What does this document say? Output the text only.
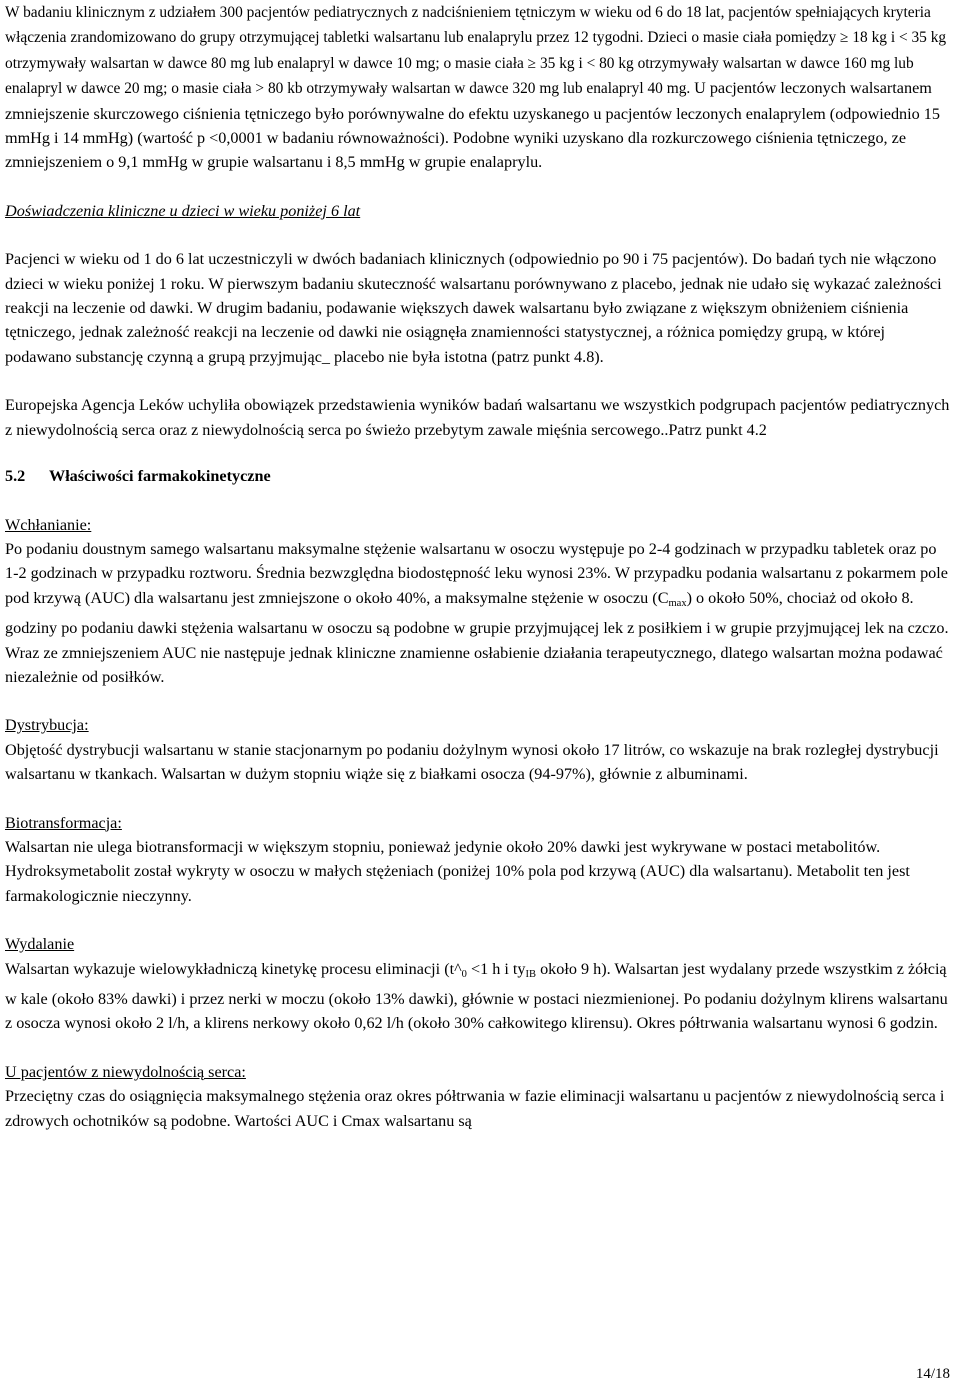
W badaniu klinicznym z udziałem 300 pacjentów pediatrycznych z nadciśnieniem tętniczym w wieku od 6 do 18 lat, pacjentów spełniających kryteria włączenia zrandomizowano do grupy otrzymującej tabletki walsartanu lub enalaprylu przez 12 tygodni. Dzieci o masie ciała pomiędzy ≥ 18 kg i < 35 kg otrzymywały walsartan w dawce 80 mg lub enalapryl w dawce 10 mg; o masie ciała ≥ 35 kg i < 80 kg otrzymywały walsartan w dawce 160 mg lub enalapryl w dawce 20 mg; o masie ciała > 80 kb otrzymywały walsartan w dawce 320 mg lub enalapryl 40 mg. U pacjentów leczonych walsartanem zmniejszenie skurczowego ciśnienia tętniczego było porównywalne do efektu uzyskanego u pacjentów leczonych enalaprylem (odpowiednio 15 mmHg i 14 mmHg) (wartość p <0,0001 w badaniu równoważności). Podobne wyniki uzyskano dla rozkurczowego ciśnienia tętniczego, ze zmniejszeniem o 9,1 mmHg w grupie walsartanu i 8,5 mmHg w grupie enalaprylu.

Doświadczenia kliniczne u dzieci w wieku poniżej 6 lat

Pacjenci w wieku od 1 do 6 lat uczestniczyli w dwóch badaniach klinicznych (odpowiednio po 90 i 75 pacjentów). Do badań tych nie włączono dzieci w wieku poniżej 1 roku. W pierwszym badaniu skuteczność walsartanu porównywano z placebo, jednak nie udało się wykazać zależności reakcji na leczenie od dawki. W drugim badaniu, podawanie większych dawek walsartanu było związane z większym obniżeniem ciśnienia tętniczego, jednak zależność reakcji na leczenie od dawki nie osiągnęła znamienności statystycznej, a różnica pomiędzy grupą, w której podawano substancję czynną a grupą przyjmując_ placebo nie była istotna (patrz punkt 4.8).

Europejska Agencja Leków uchyliła obowiązek przedstawienia wyników badań walsartanu we wszystkich podgrupach pacjentów pediatrycznych z niewydolnością serca oraz z niewydolnością serca po świeżo przebytym zawale mięśnia sercowego..Patrz punkt 4.2

5.2 Właściwości farmakokinetyczne

Wchłanianie:

Po podaniu doustnym samego walsartanu maksymalne stężenie walsartanu w osoczu występuje po 2-4 godzinach w przypadku tabletek oraz po 1-2 godzinach w przypadku roztworu. Średnia bezwzględna biodostępność leku wynosi 23%. W przypadku podania walsartanu z pokarmem pole pod krzywą (AUC) dla walsartanu jest zmniejszone o około 40%, a maksymalne stężenie w osoczu $(C_{max})$ o około 50%, chociaż od około 8. godziny po podaniu dawki stężenia walsartanu w osoczu są podobne w grupie przyjmującej lek z posiłkiem i w grupie przyjmującej lek na czczo. Wraz ze zmniejszeniem AUC nie następuje jednak kliniczne znamienne osłabienie działania terapeutycznego, dlatego walsartan można podawać niezależnie od posiłków.

Dystrybucja:

Objętość dystrybucji walsartanu w stanie stacjonarnym po podaniu dożylnym wynosi około 17 litrów, co wskazuje na brak rozległej dystrybucji walsartanu w tkankach. Walsartan w dużym stopniu wiąże się z białkami osocza (94-97%), głównie z albuminami.

Biotransformacja:

Walsartan nie ulega biotransformacji w większym stopniu, ponieważ jedynie około 20% dawki jest wykrywane w postaci metabolitów. Hydroksymetabolit został wykryty w osoczu w małych stężeniach (poniżej 10% pola pod krzywą (AUC) dla walsartanu). Metabolit ten jest farmakologicznie nieczynny.

Wydalanie

Walsartan wykazuje wielowykładniczą kinetykę procesu eliminacji ($t\^{}_0 <1$ h i $ty_{IB}$ około 9 h). Walsartan jest wydalany przede wszystkim z żółcią w kale (około 83% dawki) i przez nerki w moczu (około 13% dawki), głównie w postaci niezmienionej. Po podaniu dożylnym klirens walsartanu z osocza wynosi około 2 l/h, a klirens nerkowy około 0,62 l/h (około 30% całkowitego klirensu). Okres półtrwania walsartanu wynosi 6 godzin.

U pacjentów z niewydolnością serca:

Przeciętny czas do osiągnięcia maksymalnego stężenia oraz okres półtrwania w fazie eliminacji walsartanu u pacjentów z niewydolnością serca i zdrowych ochotników są podobne. Wartości AUC i Cmax walsartanu są

14/18
